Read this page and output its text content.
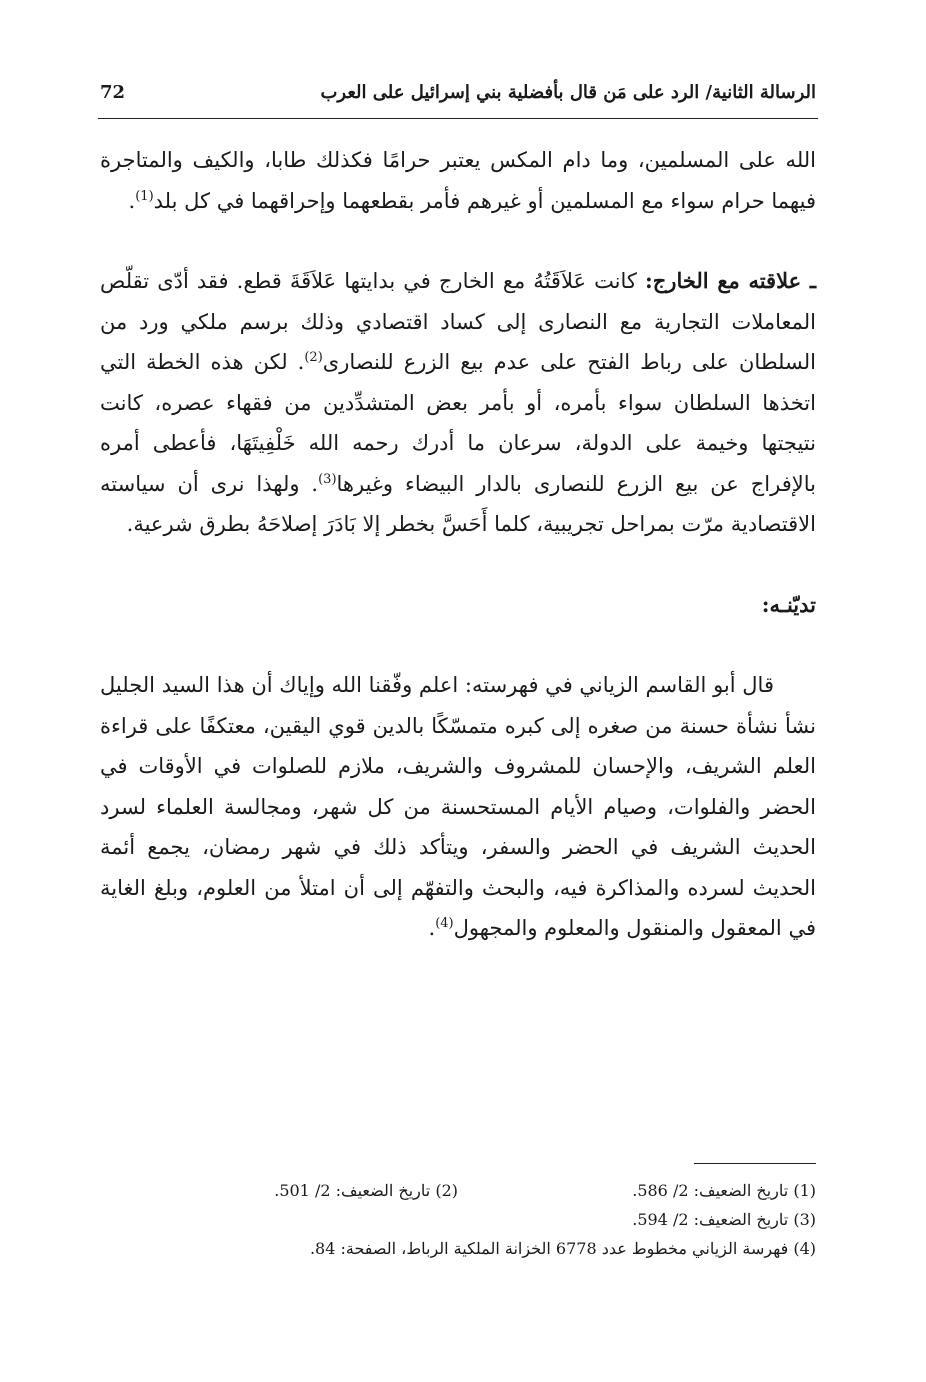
الرسالة الثانية/ الرد على مَن قال بأفضلية بني إسرائيل على العرب
72

الله على المسلمين، وما دام المكس يعتبر حرامًا فكذلك طابا، والكيف والمتاجرة فيهما حرام سواء مع المسلمين أو غيرهم فأمر بقطعهما وإحراقهما في كل بلد$^{(1)}$.

ـ علاقته مع الخارج: كانت عَلاَقَتُهُ مع الخارج في بدايتها عَلاَقَةَ قطع. فقد أدّى تقلّص المعاملات التجارية مع النصارى إلى كساد اقتصادي وذلك برسم ملكي ورد من السلطان على رباط الفتح على عدم بيع الزرع للنصارى$^{(2)}$. لكن هذه الخطة التي اتخذها السلطان سواء بأمره، أو بأمر بعض المتشدِّدين من فقهاء عصره، كانت نتيجتها وخيمة على الدولة، سرعان ما أدرك رحمه الله خَلْفِيتَهَا، فأعطى أمره بالإفراج عن بيع الزرع للنصارى بالدار البيضاء وغيرها$^{(3)}$. ولهذا نرى أن سياسته الاقتصادية مرّت بمراحل تجريبية، كلما أَحَسَّ بخطر إلا بَادَرَ إصلاحَهُ بطرق شرعية.

تديّنـه:

  قال أبو القاسم الزياني في فهرسته: اعلم وفّقنا الله وإياك أن هذا السيد الجليل نشأ نشأة حسنة من صغره إلى كبره متمسّكًا بالدين قوي اليقين، معتكفًا على قراءة العلم الشريف، والإحسان للمشروف والشريف، ملازم للصلوات في الأوقات في الحضر والفلوات، وصيام الأيام المستحسنة من كل شهر، ومجالسة العلماء لسرد الحديث الشريف في الحضر والسفر، ويتأكد ذلك في شهر رمضان، يجمع أئمة الحديث لسرده والمذاكرة فيه، والبحث والتفهّم إلى أن امتلأ من العلوم، وبلغ الغاية في المعقول والمنقول والمعلوم والمجهول$^{(4)}$.

(1) تاريخ الضعيف: 2/ 586.
(2) تاريخ الضعيف: 2/ 501.
(3) تاريخ الضعيف: 2/ 594.
(4) فهرسة الزياني مخطوط عدد 6778 الخزانة الملكية الرباط، الصفحة: 84.
